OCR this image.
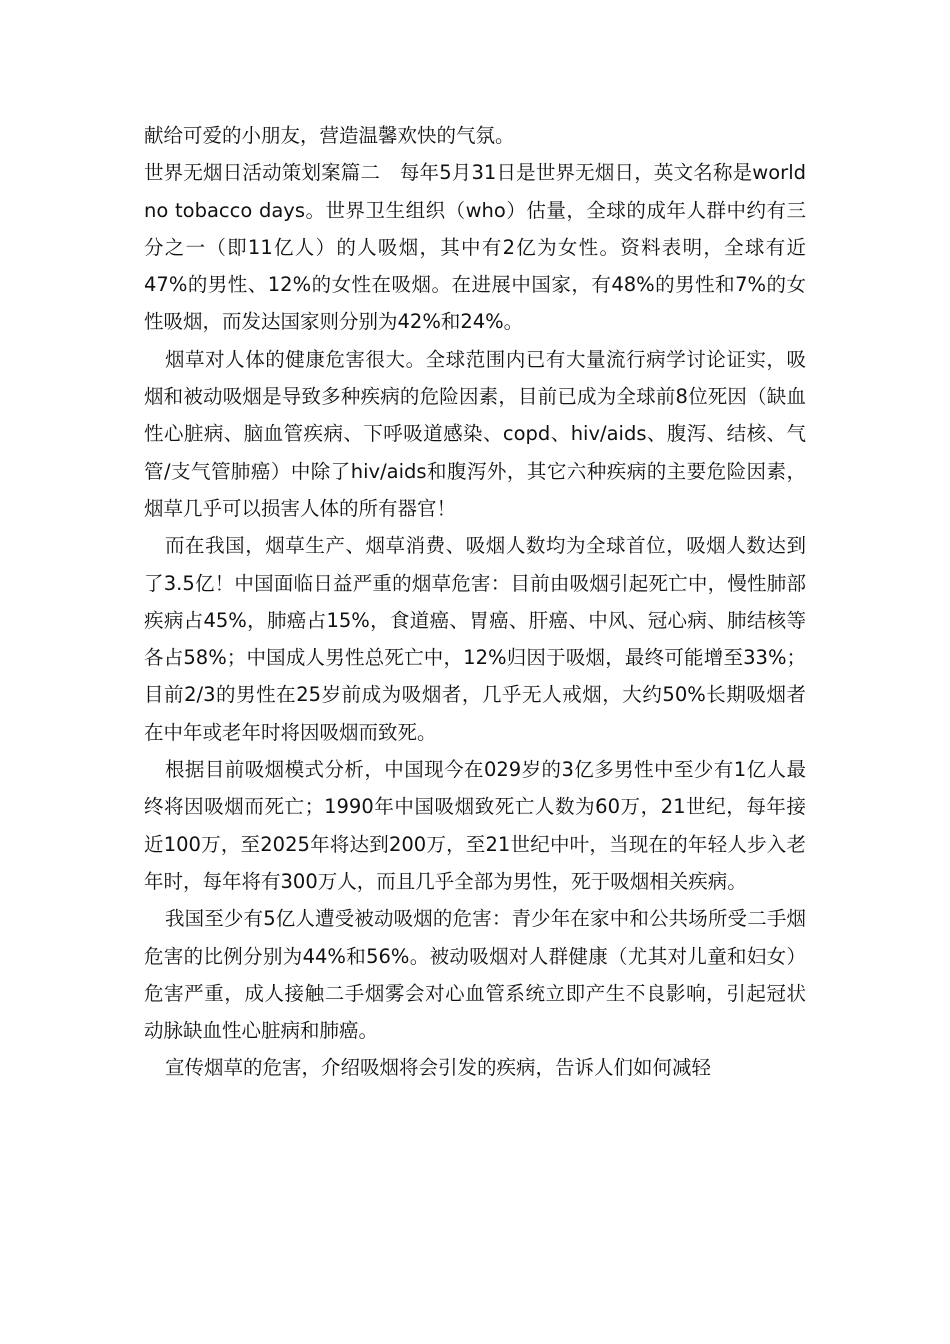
献给可爱的小朋友，营造温馨欢快的气氛。

世界无烟日活动策划案篇二　每年5月31日是世界无烟日，英文名称是world no tobacco days。世界卫生组织（who）估量，全球的成年人群中约有三分之一（即11亿人）的人吸烟，其中有2亿为女性。资料表明，全球有近47%的男性、12%的女性在吸烟。在进展中国家，有48%的男性和7%的女性吸烟，而发达国家则分别为42%和24%。

烟草对人体的健康危害很大。全球范围内已有大量流行病学讨论证实，吸烟和被动吸烟是导致多种疾病的危险因素，目前已成为全球前8位死因（缺血性心脏病、脑血管疾病、下呼吸道感染、copd、hiv/aids、腹泻、结核、气管/支气管肺癌）中除了hiv/aids和腹泻外，其它六种疾病的主要危险因素，烟草几乎可以损害人体的所有器官！

而在我国，烟草生产、烟草消费、吸烟人数均为全球首位，吸烟人数达到了3.5亿！中国面临日益严重的烟草危害：目前由吸烟引起死亡中，慢性肺部疾病占45%，肺癌占15%，食道癌、胃癌、肝癌、中风、冠心病、肺结核等各占58%；中国成人男性总死亡中，12%归因于吸烟，最终可能增至33%；目前2/3的男性在25岁前成为吸烟者，几乎无人戒烟，大约50%长期吸烟者在中年或老年时将因吸烟而致死。

根据目前吸烟模式分析，中国现今在029岁的3亿多男性中至少有1亿人最终将因吸烟而死亡；1990年中国吸烟致死亡人数为60万，21世纪，每年接近100万，至2025年将达到200万，至21世纪中叶，当现在的年轻人步入老年时，每年将有300万人，而且几乎全部为男性，死于吸烟相关疾病。

我国至少有5亿人遭受被动吸烟的危害：青少年在家中和公共场所受二手烟危害的比例分别为44%和56%。被动吸烟对人群健康（尤其对儿童和妇女）危害严重，成人接触二手烟雾会对心血管系统立即产生不良影响，引起冠状动脉缺血性心脏病和肺癌。

宣传烟草的危害，介绍吸烟将会引发的疾病，告诉人们如何减轻
